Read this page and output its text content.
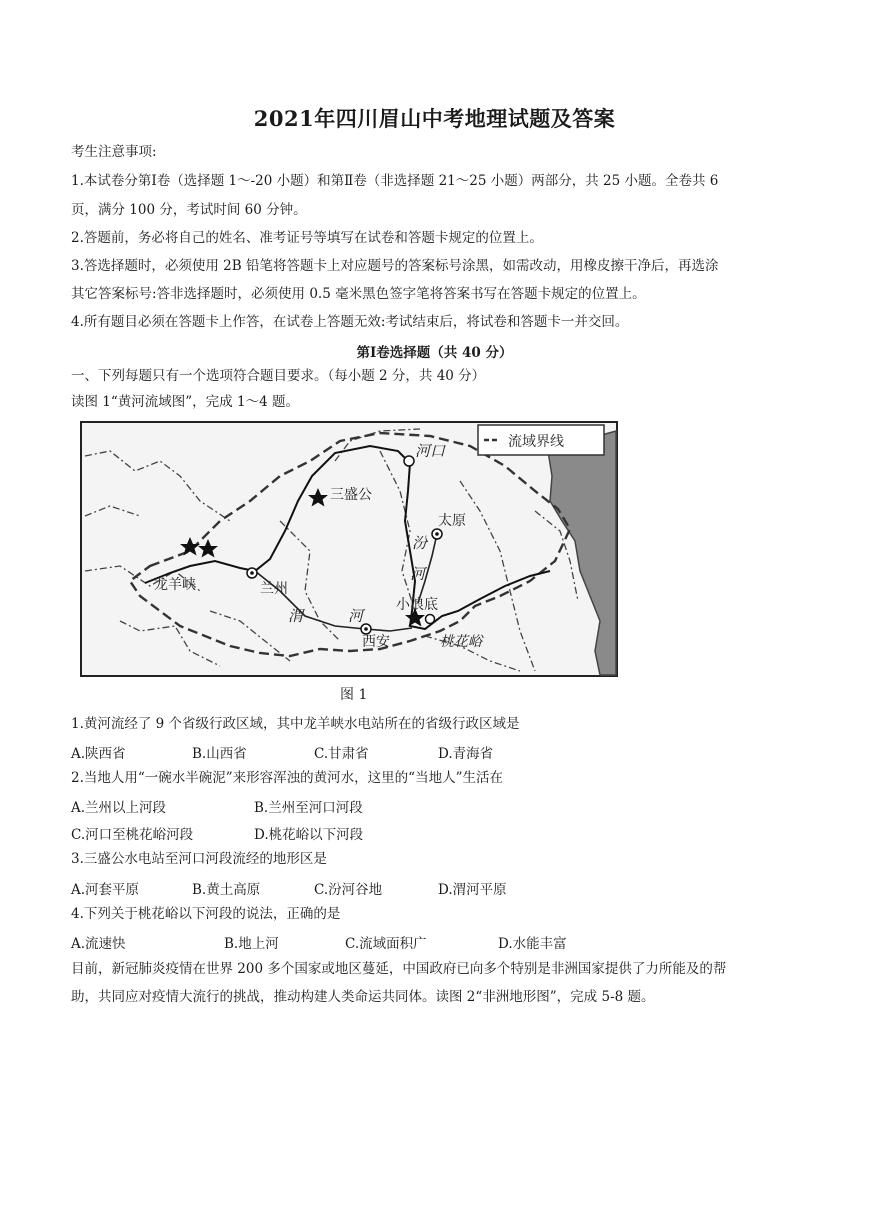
2021年四川眉山中考地理试题及答案
考生注意事项:
1.本试卷分第Ⅰ卷（选择题 1～-20 小题）和第Ⅱ卷（非选择题 21～25 小题）两部分，共 25 小题。全卷共 6
页，满分 100 分，考试时间 60 分钟。
2.答题前，务必将自己的姓名、准考证号等填写在试卷和答题卡规定的位置上。
3.答选择题时，必须使用 2B 铅笔将答题卡上对应题号的答案标号涂黑，如需改动，用橡皮擦干净后，再选涂
其它答案标号:答非选择题时，必须使用 0.5 毫米黑色签字笔将答案书写在答题卡规定的位置上。
4.所有题目必须在答题卡上作答，在试卷上答题无效:考试结束后，将试卷和答题卡一并交回。
第Ⅰ卷选择题（共 40 分）
一、下列每题只有一个选项符合题目要求。（每小题 2 分，共 40 分）
读图 1“黄河流域图”，完成 1～4 题。
流域界线
河口
三盛公
太原
汾
河
龙羊峡	兰州
渭	河
小浪底
西安	桃花峪
图 1
1.黄河流经了 9 个省级行政区域，其中龙羊峡水电站所在的省级行政区域是
A.陕西省	B.山西省	C.甘肃省	D.青海省
2.当地人用“一碗水半碗泥”来形容浑浊的黄河水，这里的“当地人”生活在
A.兰州以上河段	B.兰州至河口河段
C.河口至桃花峪河段	D.桃花峪以下河段
3.三盛公水电站至河口河段流经的地形区是
A.河套平原	B.黄土高原	C.汾河谷地	D.渭河平原
4.下列关于桃花峪以下河段的说法，正确的是
A.流速快	B.地上河	C.流域面积广	D.水能丰富
目前，新冠肺炎疫情在世界 200 多个国家或地区蔓延，中国政府已向多个特别是非洲国家提供了力所能及的帮
助，共同应对疫情大流行的挑战，推动构建人类命运共同体。读图 2“非洲地形图”，完成 5-8 题。
